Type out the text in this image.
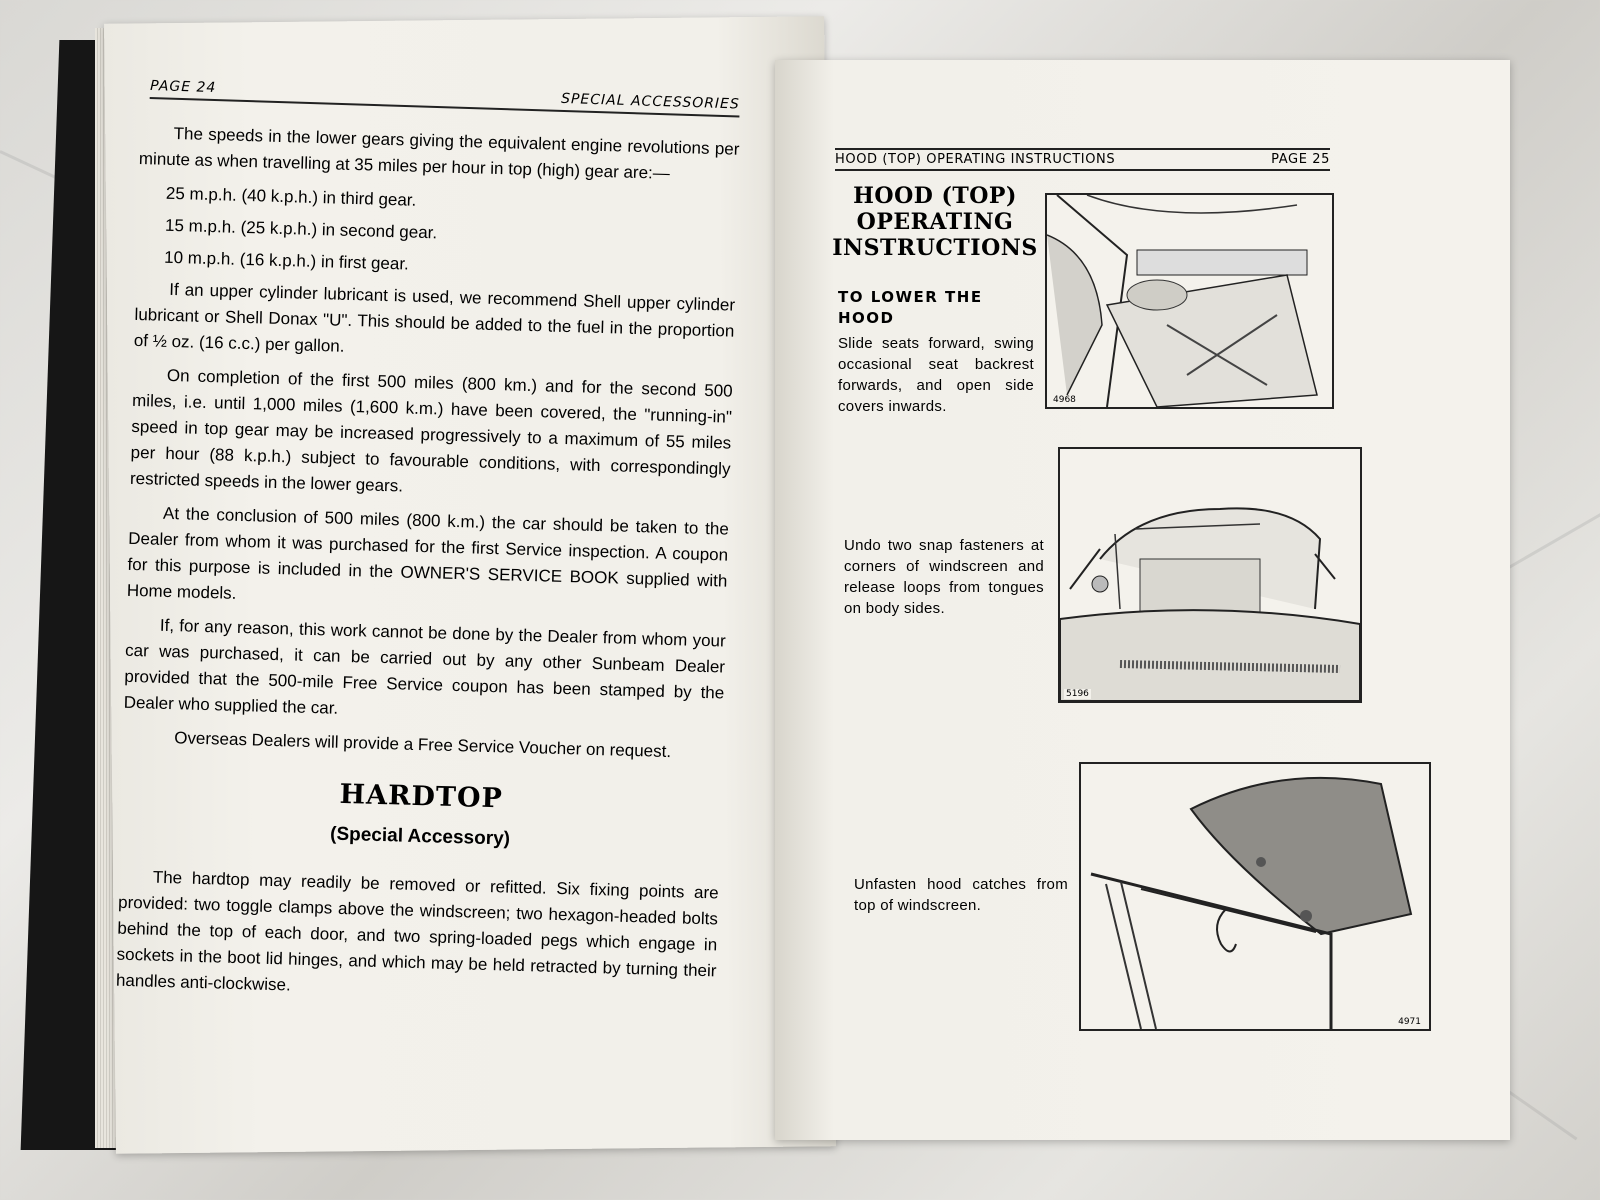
PAGE 24
SPECIAL ACCESSORIES

The speeds in the lower gears giving the equivalent engine revolutions per minute as when travelling at 35 miles per hour in top (high) gear are:—

25 m.p.h. (40 k.p.h.) in third gear.

15 m.p.h. (25 k.p.h.) in second gear.

10 m.p.h. (16 k.p.h.) in first gear.

If an upper cylinder lubricant is used, we recommend Shell upper cylinder lubricant or Shell Donax "U". This should be added to the fuel in the proportion of ½ oz. (16 c.c.) per gallon.

On completion of the first 500 miles (800 km.) and for the second 500 miles, i.e. until 1,000 miles (1,600 k.m.) have been covered, the "running-in" speed in top gear may be increased progressively to a maximum of 55 miles per hour (88 k.p.h.) subject to favourable conditions, with correspondingly restricted speeds in the lower gears.

At the conclusion of 500 miles (800 k.m.) the car should be taken to the Dealer from whom it was purchased for the first Service inspection. A coupon for this purpose is included in the OWNER'S SERVICE BOOK supplied with Home models.

If, for any reason, this work cannot be done by the Dealer from whom your car was purchased, it can be carried out by any other Sunbeam Dealer provided that the 500-mile Free Service coupon has been stamped by the Dealer who supplied the car.

Overseas Dealers will provide a Free Service Voucher on request.

HARDTOP
(Special Accessory)

The hardtop may readily be removed or refitted. Six fixing points are provided: two toggle clamps above the windscreen; two hexagon-headed bolts behind the top of each door, and two spring-loaded pegs which engage in sockets in the boot lid hinges, and which may be held retracted by turning their handles anti-clockwise.

HOOD (TOP) OPERATING INSTRUCTIONS	PAGE 25
HOOD (TOP)
OPERATING
INSTRUCTIONS
TO LOWER THE
HOOD
Slide seats forward, swing occasional seat backrest forwards, and open side covers inwards.
Undo two snap fasteners at corners of windscreen and release loops from tongues on body sides.
Unfasten hood catches from top of windscreen.
4968
5196
4971
